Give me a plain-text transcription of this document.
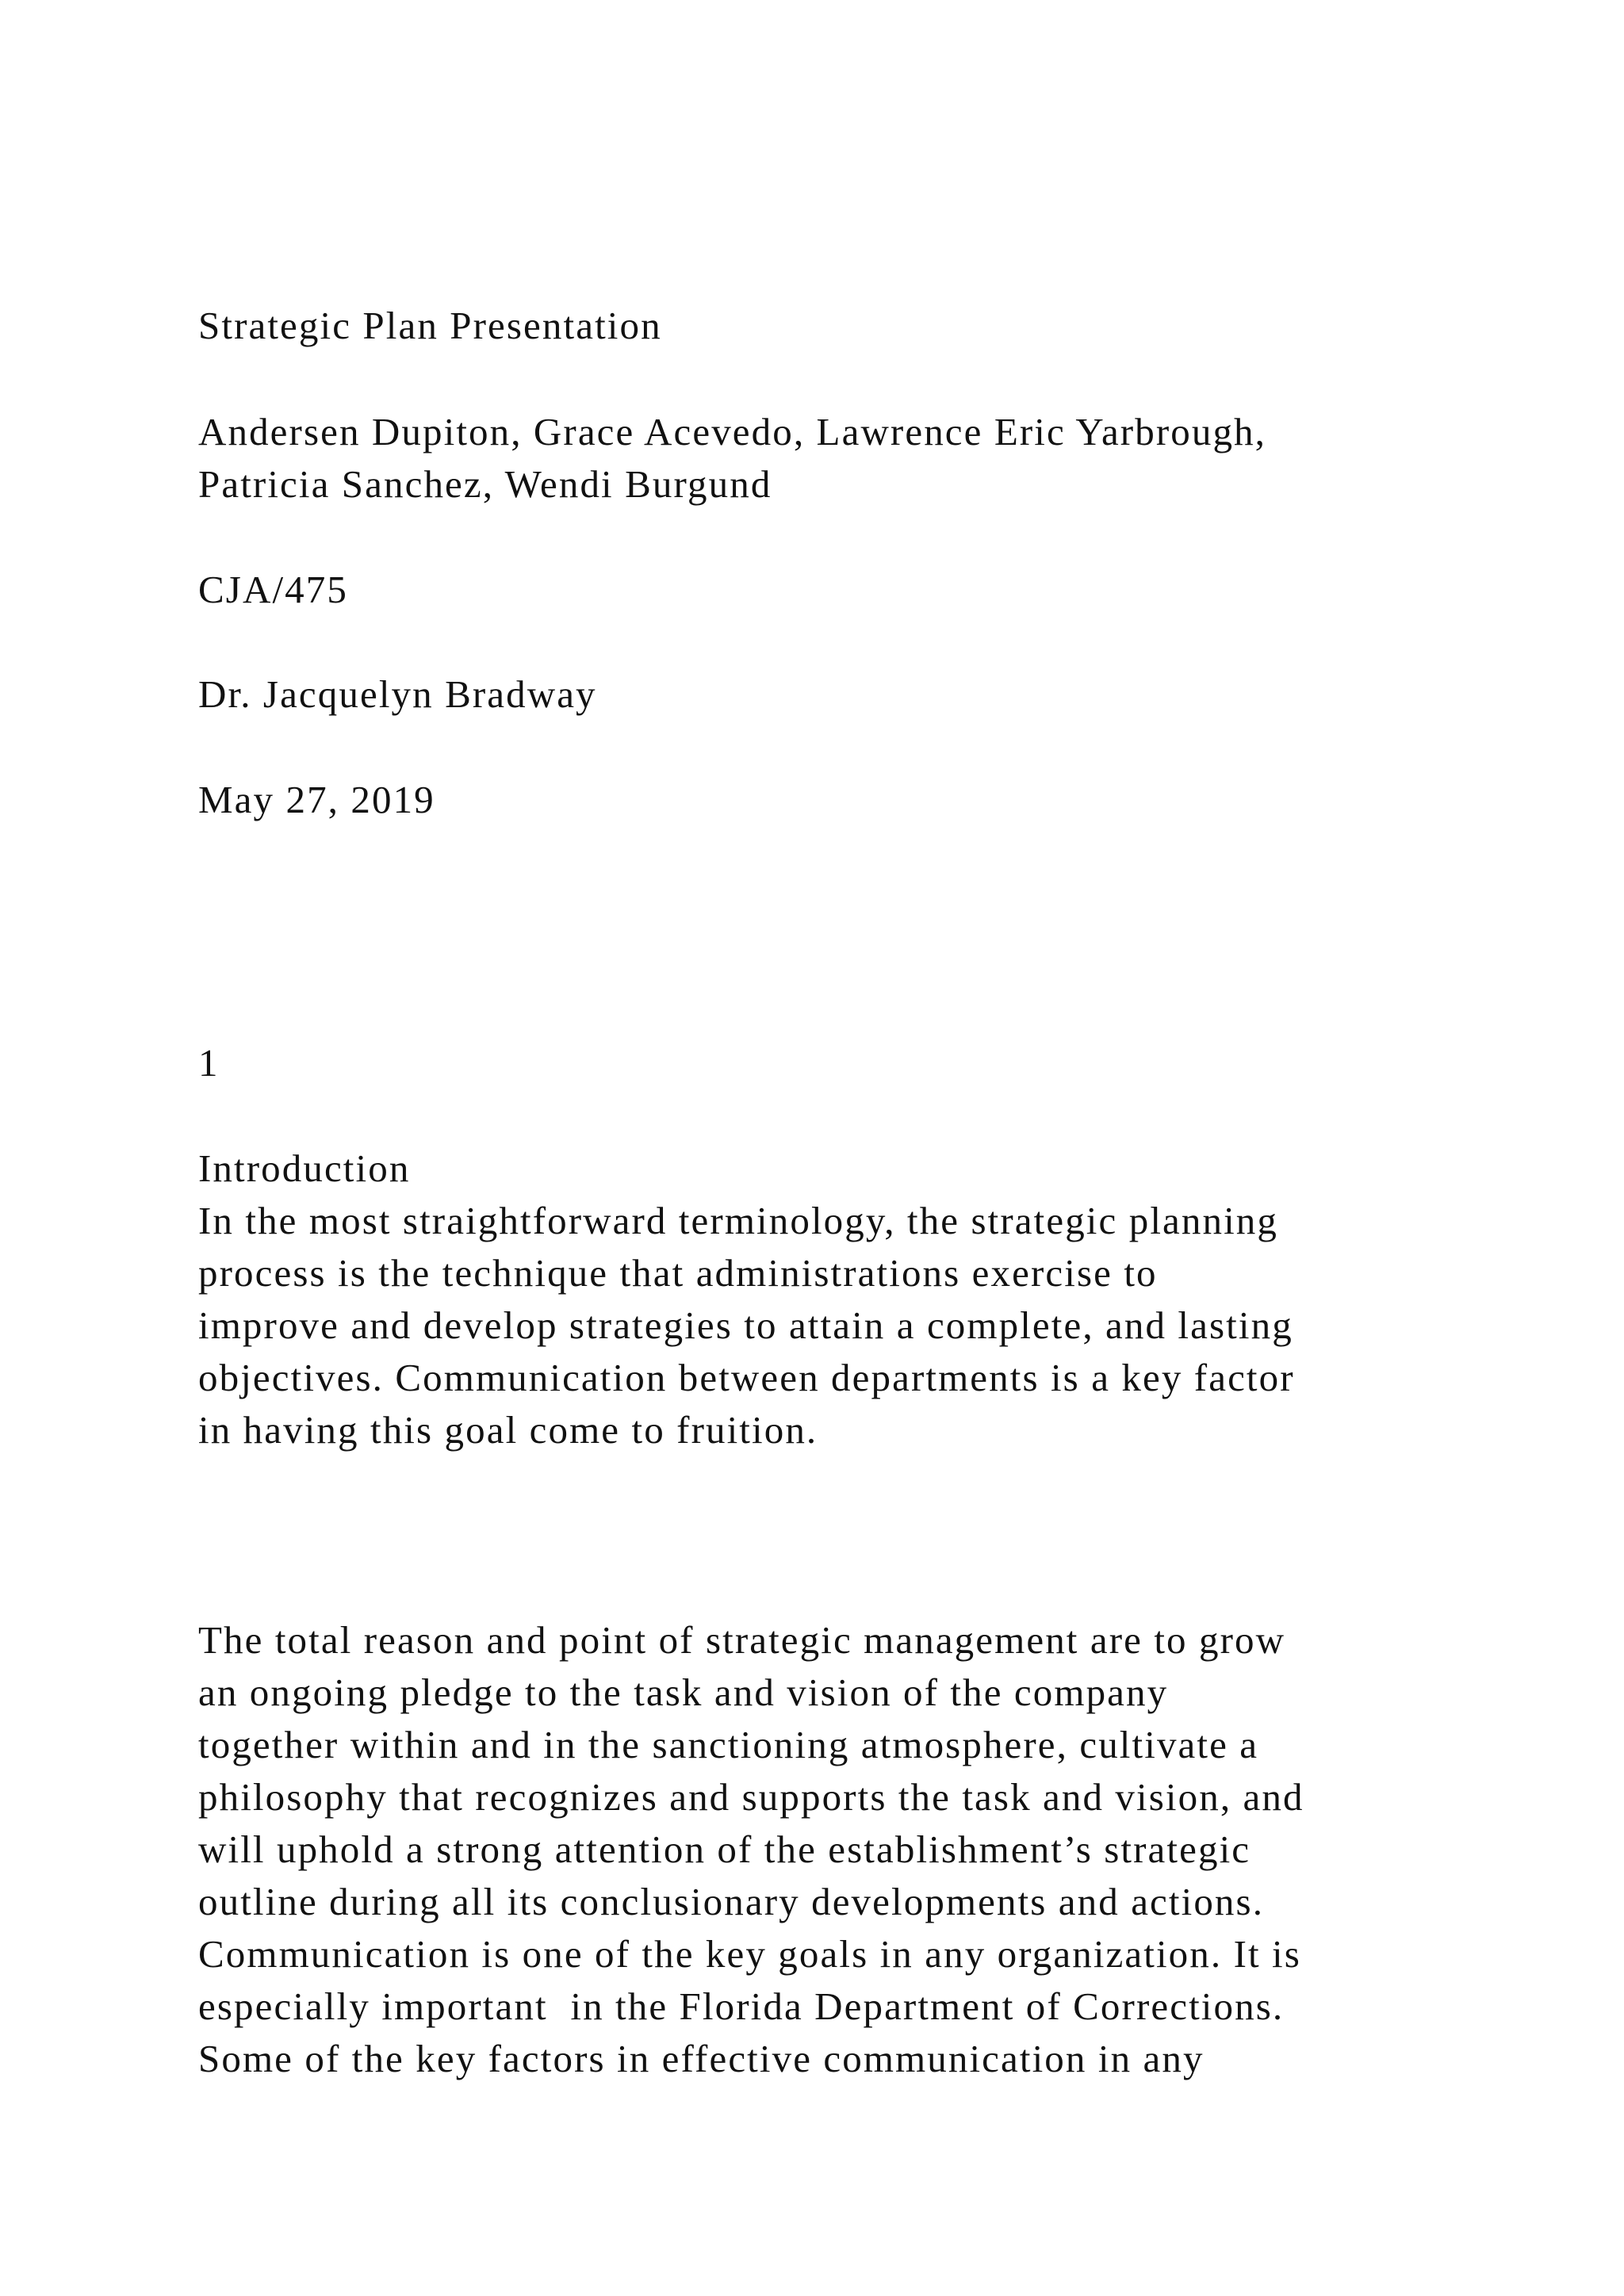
Strategic Plan Presentation

Andersen Dupiton, Grace Acevedo, Lawrence Eric Yarbrough,

Patricia Sanchez, Wendi Burgund

CJA/475

Dr. Jacquelyn Bradway

May 27, 2019

1

Introduction

In the most straightforward terminology, the strategic planning

process is the technique that administrations exercise to

improve and develop strategies to attain a complete, and lasting

objectives. Communication between departments is a key factor

in having this goal come to fruition.

The total reason and point of strategic management are to grow

an ongoing pledge to the task and vision of the company

together within and in the sanctioning atmosphere, cultivate a

philosophy that recognizes and supports the task and vision, and

will uphold a strong attention of the establishment’s strategic

outline during all its conclusionary developments and actions.

Communication is one of the key goals in any organization. It is

especially important  in the Florida Department of Corrections.

Some of the key factors in effective communication in any
